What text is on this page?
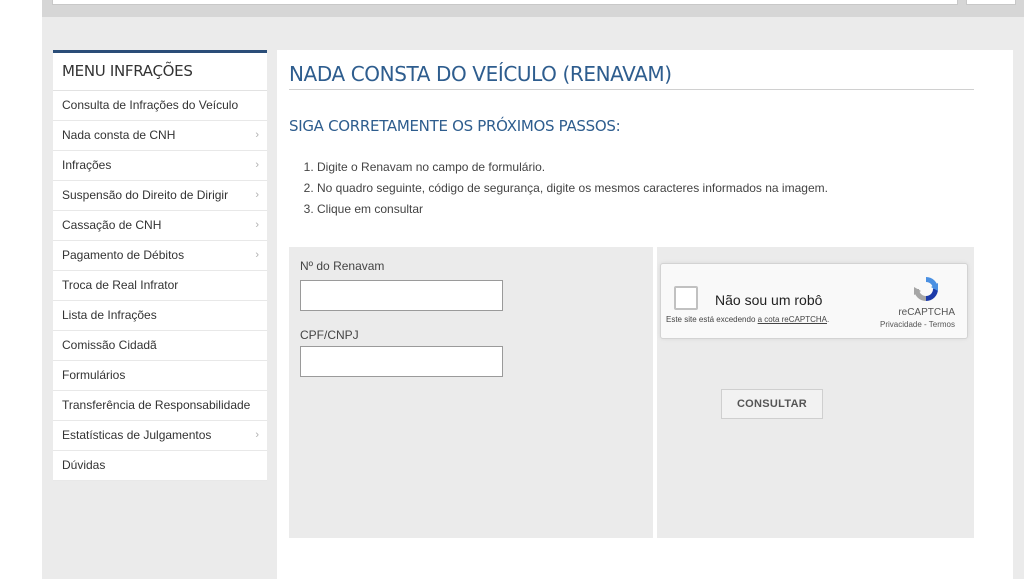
MENU INFRAÇÕES
Consulta de Infrações do Veículo
Nada consta de CNH	›
Infrações	›
Suspensão do Direito de Dirigir ›
Cassação de CNH	›
Pagamento de Débitos	›
Troca de Real Infrator
Lista de Infrações
Comissão Cidadã
Formulários
Transferência de Responsabilidade
Estatísticas de Julgamentos	›
Dúvidas
NADA CONSTA DO VEÍCULO (RENAVAM)
SIGA CORRETAMENTE OS PRÓXIMOS PASSOS:
1. Digite o Renavam no campo de formulário.
2. No quadro seguinte, código de segurança, digite os mesmos caracteres informados na imagem.
3. Clique em consultar
Nº do Renavam
CPF/CNPJ
Não sou um robô
reCAPTCHA
Privacidade - Termos
Este site está excedendo a cota reCAPTCHA.
CONSULTAR
